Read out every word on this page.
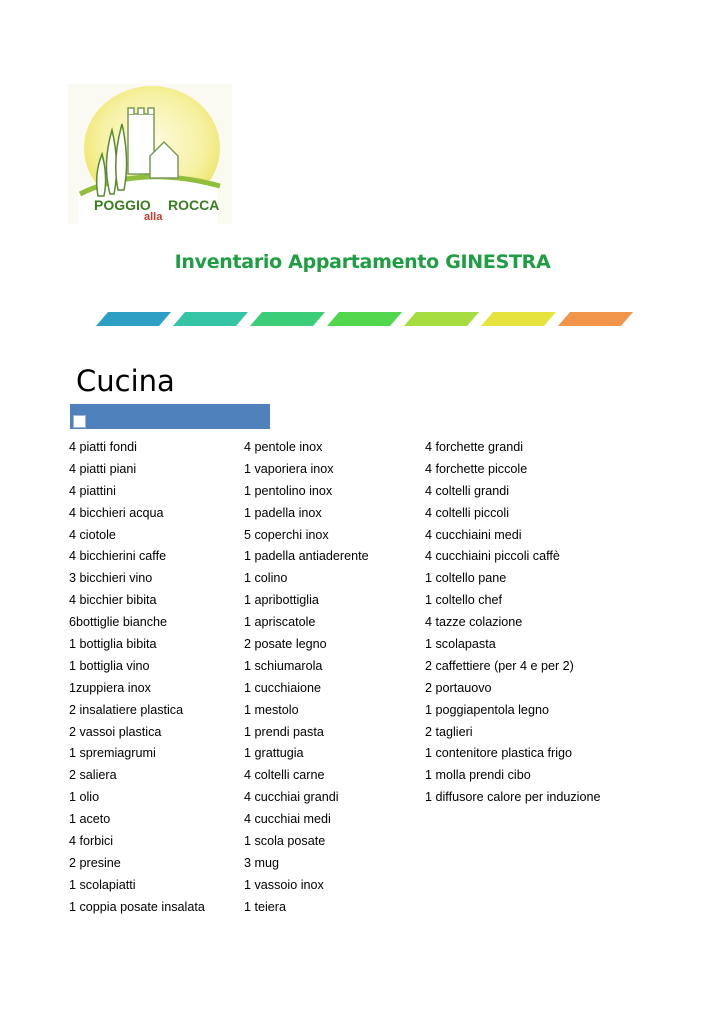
POGGIO
alla
ROCCA
Inventario Appartamento GINESTRA
Cucina
4 piatti fondi
4 piatti piani
4 piattini
4 bicchieri acqua
4 ciotole
4 bicchierini caffe
3 bicchieri vino
4 bicchier bibita
6bottiglie bianche
1 bottiglia bibita
1 bottiglia vino
1zuppiera inox
2 insalatiere plastica
2 vassoi plastica
1 spremiagrumi
2 saliera
1 olio
1 aceto
4 forbici
2 presine
1 scolapiatti
1 coppia posate insalata
4 pentole inox
1 vaporiera inox
1 pentolino inox
1 padella inox
5 coperchi inox
1 padella antiaderente
1 colino
1 apribottiglia
1 apriscatole
2 posate legno
1 schiumarola
1 cucchiaione
1 mestolo
1 prendi pasta
1 grattugia
4 coltelli carne
4 cucchiai grandi
4 cucchiai medi
1 scola posate
3 mug
1 vassoio inox
1 teiera
4 forchette grandi
4 forchette piccole
4 coltelli grandi
4 coltelli piccoli
4 cucchiaini medi
4 cucchiaini piccoli caffè
1 coltello pane
1 coltello chef
4 tazze colazione
1 scolapasta
2 caffettiere (per 4 e per 2)
2 portauovo
1 poggiapentola legno
2 taglieri
1 contenitore plastica frigo
1 molla prendi cibo
1 diffusore calore per induzione
